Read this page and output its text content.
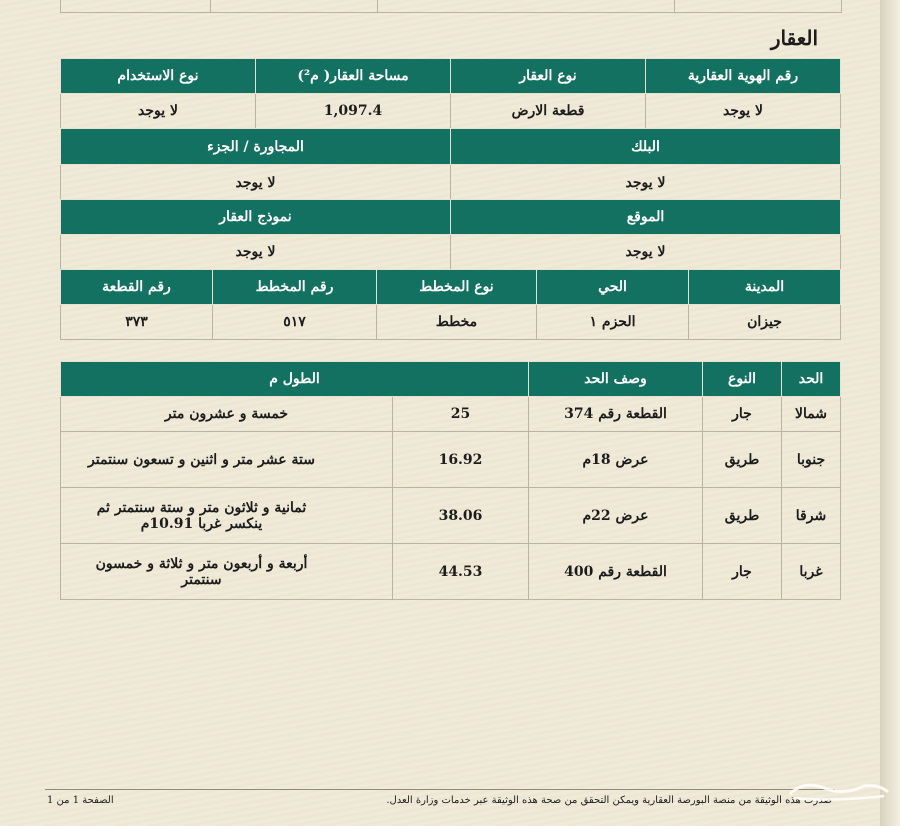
العقار
رقم الهوية العقارية	نوع العقار	مساحة العقار( م²)	نوع الاستخدام
لا يوجد	قطعة الارض	1,097.4	لا يوجد
البلك	المجاورة / الجزء
لا يوجد	لا يوجد
الموقع	نموذج العقار
لا يوجد	لا يوجد
المدينة	الحي	نوع المخطط	رقم المخطط	رقم القطعة
جيزان	الحزم ١	مخطط	٥١٧	٣٧٣
الحد	النوع	وصف الحد	الطول م	
شمالا	جار	القطعة رقم 374	25	خمسة و عشرون متر
جنوبا	طريق	عرض 18م	16.92	ستة عشر متر و اثنين و تسعون سنتمتر
شرقا	طريق	عرض 22م	38.06	ثمانية و ثلاثون متر و ستة سنتمتر ثم ينكسر غربا 10.91م
غربا	جار	القطعة رقم 400	44.53	أربعة و أربعون متر و ثلاثة و خمسون سنتمتر
الصفحة 1 من 1	صدرت هذه الوثيقة من منصة البورصة العقارية ويمكن التحقق من صحة هذه الوثيقة عبر خدمات وزارة العدل.
